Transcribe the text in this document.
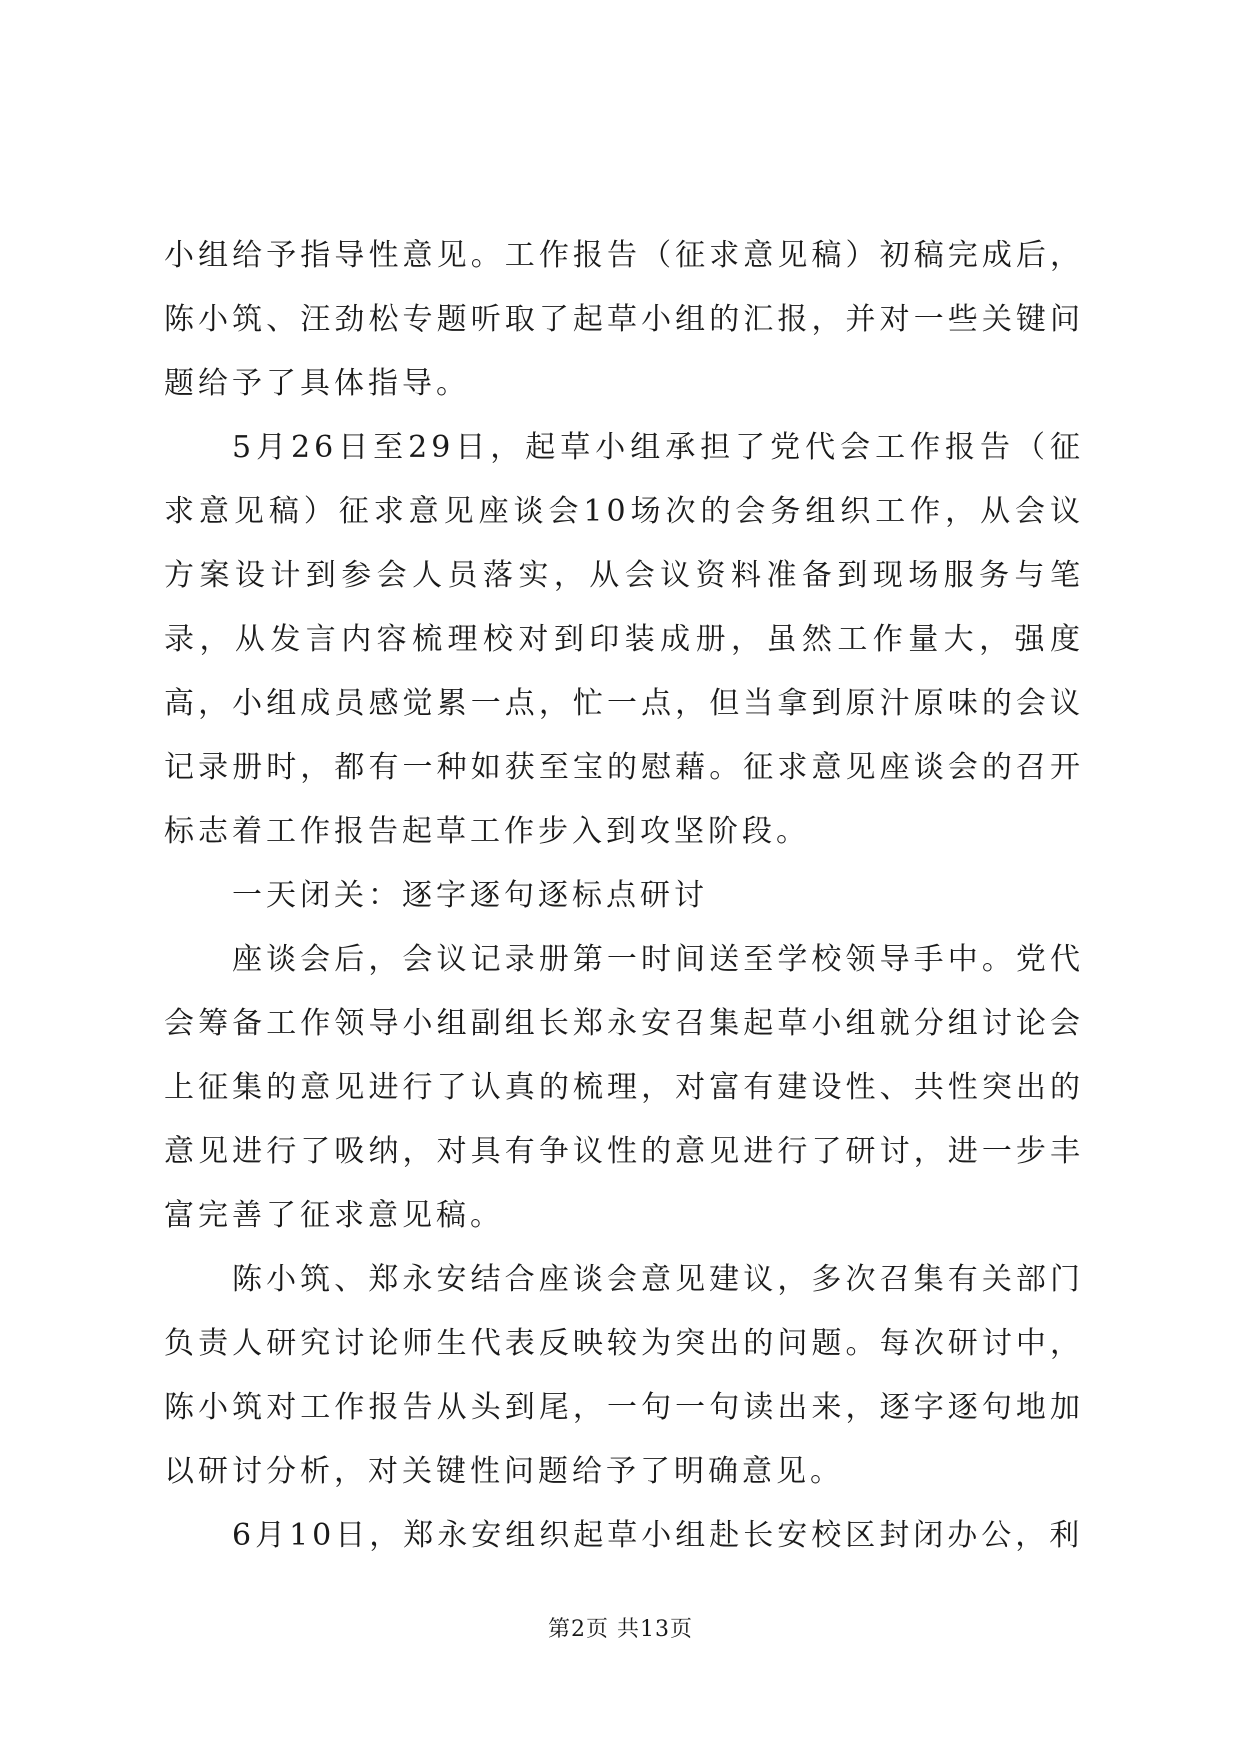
小组给予指导性意见。工作报告（征求意见稿）初稿完成后，陈小筑、汪劲松专题听取了起草小组的汇报，并对一些关键问题给予了具体指导。

5月26日至29日，起草小组承担了党代会工作报告（征求意见稿）征求意见座谈会10场次的会务组织工作，从会议方案设计到参会人员落实，从会议资料准备到现场服务与笔录，从发言内容梳理校对到印装成册，虽然工作量大，强度高，小组成员感觉累一点，忙一点，但当拿到原汁原味的会议记录册时，都有一种如获至宝的慰藉。征求意见座谈会的召开标志着工作报告起草工作步入到攻坚阶段。

一天闭关：逐字逐句逐标点研讨

座谈会后，会议记录册第一时间送至学校领导手中。党代会筹备工作领导小组副组长郑永安召集起草小组就分组讨论会上征集的意见进行了认真的梳理，对富有建设性、共性突出的意见进行了吸纳，对具有争议性的意见进行了研讨，进一步丰富完善了征求意见稿。

陈小筑、郑永安结合座谈会意见建议，多次召集有关部门负责人研究讨论师生代表反映较为突出的问题。每次研讨中，陈小筑对工作报告从头到尾，一句一句读出来，逐字逐句地加以研讨分析，对关键性问题给予了明确意见。

6月10日，郑永安组织起草小组赴长安校区封闭办公，利

第2页 共13页
